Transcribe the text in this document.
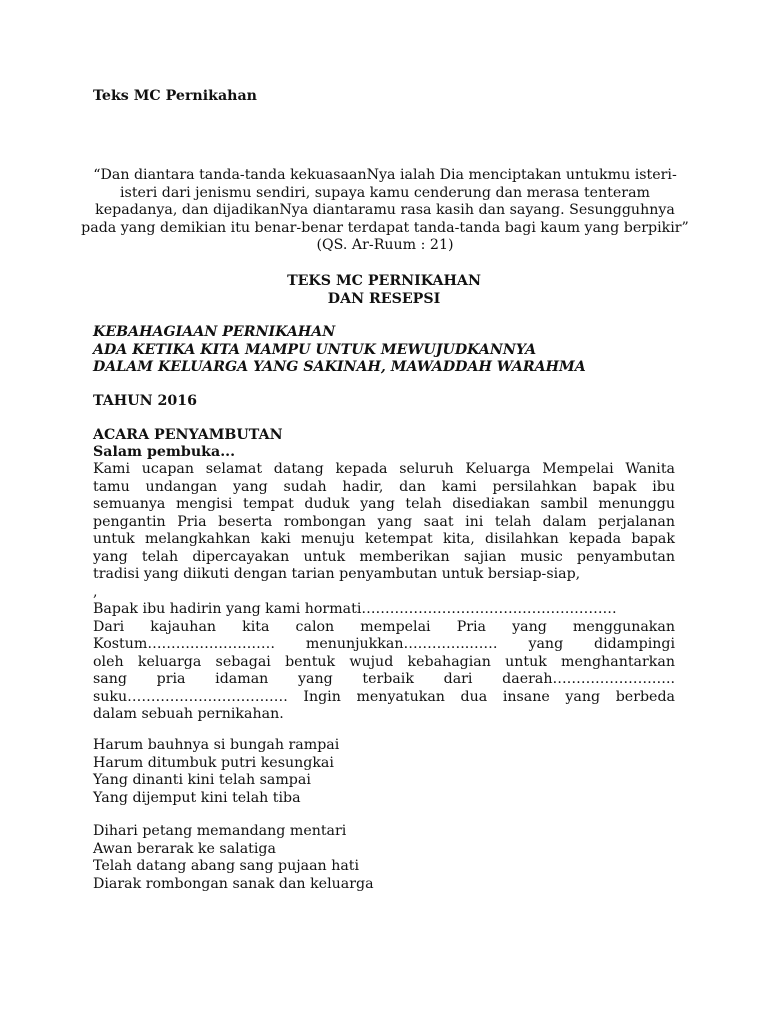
Teks MC Pernikahan

“Dan diantara tanda-tanda kekuasaanNya ialah Dia menciptakan untukmu isteri-isteri dari jenismu sendiri, supaya kamu cenderung dan merasa tenteram kepadanya, dan dijadikanNya diantaramu rasa kasih dan sayang. Sesungguhnya pada yang demikian itu benar-benar terdapat tanda-tanda bagi kaum yang berpikir” (QS. Ar-Ruum : 21)

TEKS MC PERNIKAHAN
DAN RESEPSI
KEBAHAGIAAN PERNIKAHAN
ADA KETIKA KITA MAMPU UNTUK MEWUJUDKANNYA
DALAM KELUARGA YANG SAKINAH, MAWADDAH WARAHMA
TAHUN 2016
ACARA PENYAMBUTAN
Salam pembuka...
Kami ucapan selamat datang kepada seluruh Keluarga Mempelai Wanita
tamu undangan yang sudah hadir, dan kami persilahkan bapak ibu
semuanya mengisi tempat duduk yang telah disediakan sambil menunggu
pengantin Pria beserta rombongan yang saat ini telah dalam perjalanan
untuk melangkahkan kaki menuju ketempat kita, disilahkan kepada bapak
yang telah dipercayakan untuk memberikan sajian music penyambutan
tradisi yang diikuti dengan tarian penyambutan untuk bersiap-siap,
,
Bapak ibu hadirin yang kami hormati………………………………………………
Dari kajauhan kita calon mempelai Pria yang menggunakan
Kostum……………………… menunjukkan…………..…… yang didampingi
oleh keluarga sebagai bentuk wujud kebahagian untuk menghantarkan
sang pria idaman yang terbaik dari daerah……………………..
suku……………………………. Ingin menyatukan dua insane yang berbeda
dalam sebuah pernikahan.
Harum bauhnya si bungah rampai
Harum ditumbuk putri kesungkai
Yang dinanti kini telah sampai
Yang dijemput kini telah tiba
Dihari petang memandang mentari
Awan berarak ke salatiga
Telah datang abang sang pujaan hati
Diarak rombongan sanak dan keluarga
